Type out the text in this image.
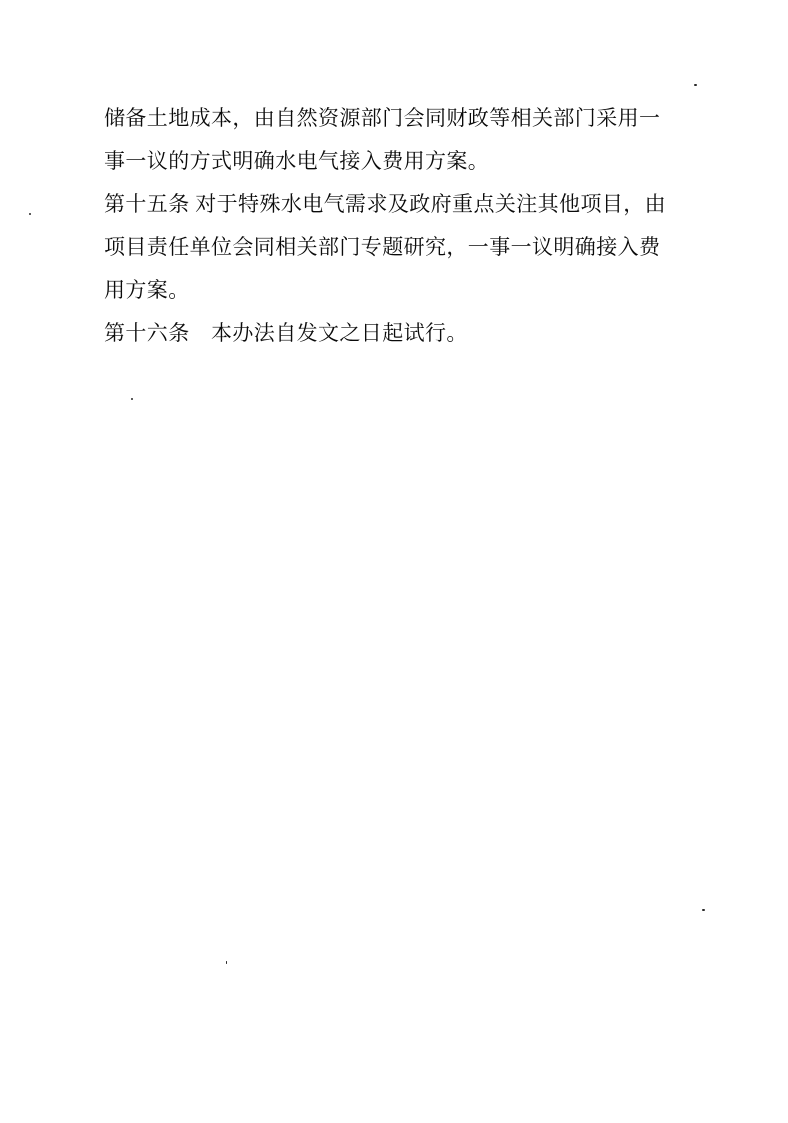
储备土地成本，由自然资源部门会同财政等相关部门采用一
事一议的方式明确水电气接入费用方案。
第十五条 对于特殊水电气需求及政府重点关注其他项目，由
项目责任单位会同相关部门专题研究，一事一议明确接入费
用方案。
第十六条　本办法自发文之日起试行。
